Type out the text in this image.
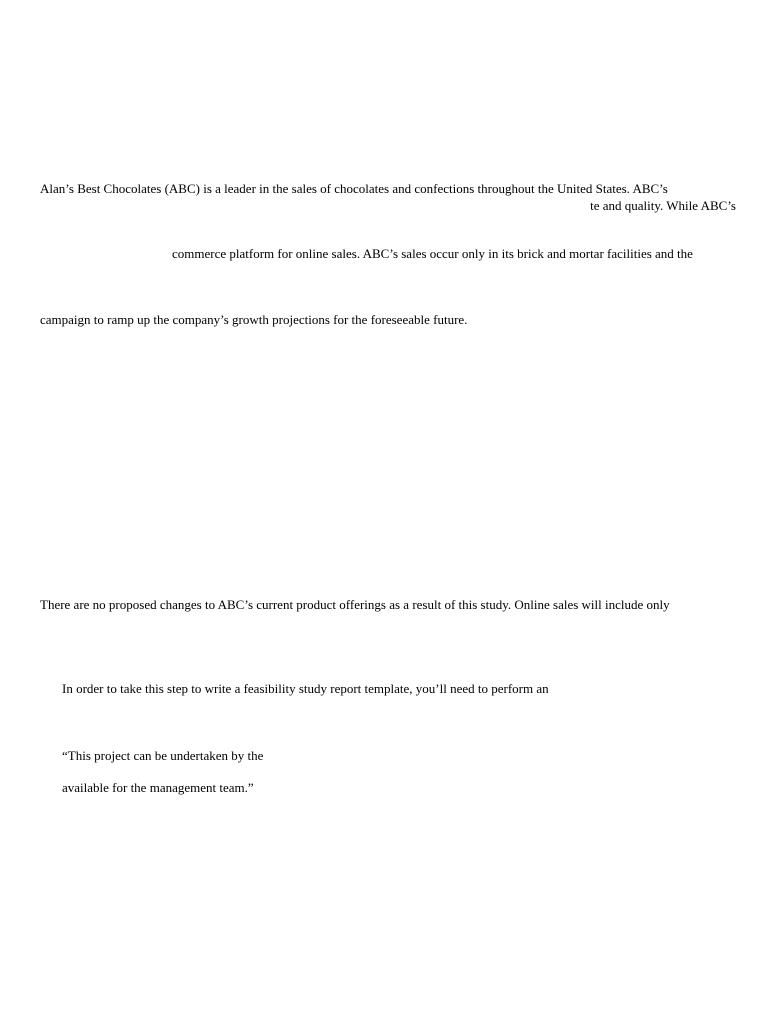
Alan’s Best Chocolates (ABC) is a leader in the sales of chocolates and confections throughout the United States. ABC’s
te and quality. While ABC’s
commerce platform for online sales. ABC’s sales occur only in its brick and mortar facilities and the
campaign to ramp up the company’s growth projections for the foreseeable future.
There are no proposed changes to ABC’s current product offerings as a result of this study. Online sales will include only
In order to take this step to write a feasibility study report template, you’ll need to perform an
“This project can be undertaken by the
available for the management team.”
